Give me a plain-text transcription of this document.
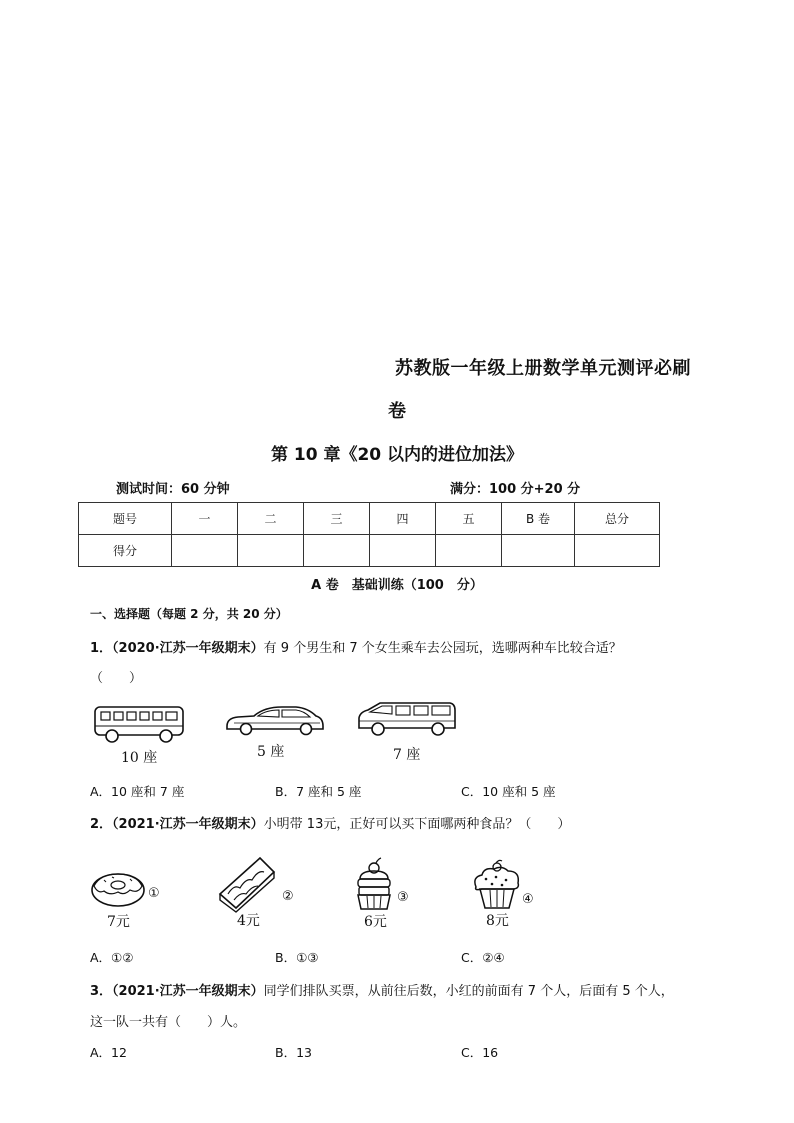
苏教版一年级上册数学单元测评必刷
卷
第 10 章《20 以内的进位加法》
测试时间：60 分钟	满分：100 分+20 分
题号	一	二	三	四	五	B 卷	总分
得分							
A 卷　基础训练（100　分）
一、选择题（每题 2 分，共 20 分）
1．（2020·江苏一年级期末）有 9 个男生和 7 个女生乘车去公园玩，选哪两种车比较合适？
（　　）
10 座	5 座	7 座
A．10 座和 7 座	B．7 座和 5 座	C．10 座和 5 座
2．（2021·江苏一年级期末）小明带 13元，正好可以买下面哪两种食品？（　　）
①
7元
②
4元
③
6元
④
8元
A．①②	B．①③	C．②④
3．（2021·江苏一年级期末）同学们排队买票，从前往后数，小红的前面有 7 个人，后面有 5 个人，
这一队一共有（　　）人。
A．12	B．13	C．16
